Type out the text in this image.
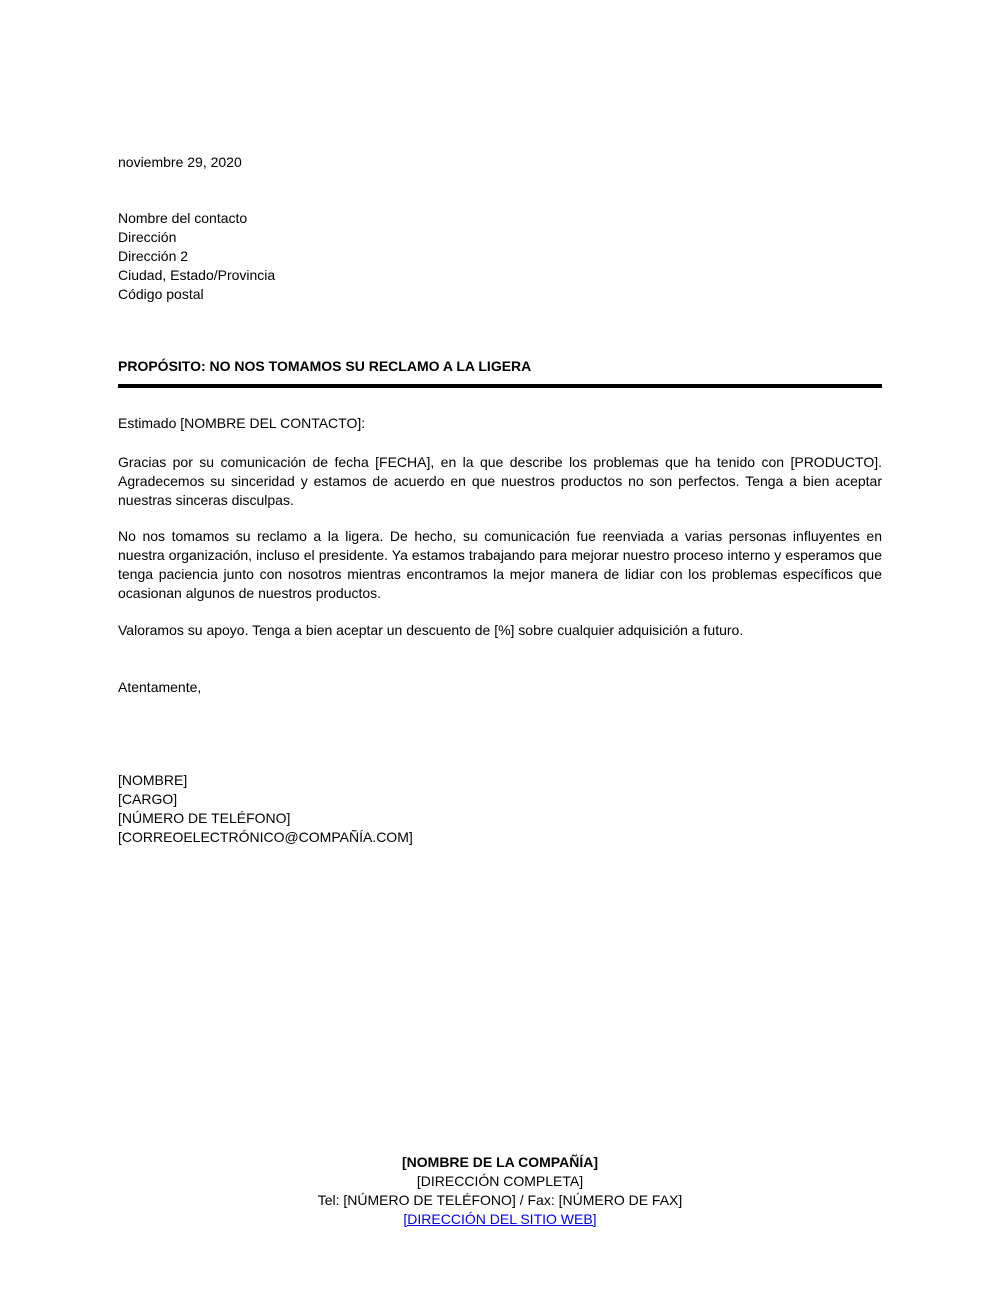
noviembre 29, 2020
Nombre del contacto
Dirección
Dirección 2
Ciudad, Estado/Provincia
Código postal
PROPÓSITO: NO NOS TOMAMOS SU RECLAMO A LA LIGERA
Estimado [NOMBRE DEL CONTACTO]:
Gracias por su comunicación de fecha [FECHA], en la que describe los problemas que ha tenido con [PRODUCTO]. Agradecemos su sinceridad y estamos de acuerdo en que nuestros productos no son perfectos. Tenga a bien aceptar nuestras sinceras disculpas.
No nos tomamos su reclamo a la ligera. De hecho, su comunicación fue reenviada a varias personas influyentes en nuestra organización, incluso el presidente. Ya estamos trabajando para mejorar nuestro proceso interno y esperamos que tenga paciencia junto con nosotros mientras encontramos la mejor manera de lidiar con los problemas específicos que ocasionan algunos de nuestros productos.
Valoramos su apoyo. Tenga a bien aceptar un descuento de [%] sobre cualquier adquisición a futuro.
Atentamente,
[NOMBRE]
[CARGO]
[NÚMERO DE TELÉFONO]
[CORREOELECTRÓNICO@COMPAÑÍA.COM]
[NOMBRE DE LA COMPAÑÍA]
[DIRECCIÓN COMPLETA]
Tel: [NÚMERO DE TELÉFONO] / Fax: [NÚMERO DE FAX]
[DIRECCIÓN DEL SITIO WEB]
